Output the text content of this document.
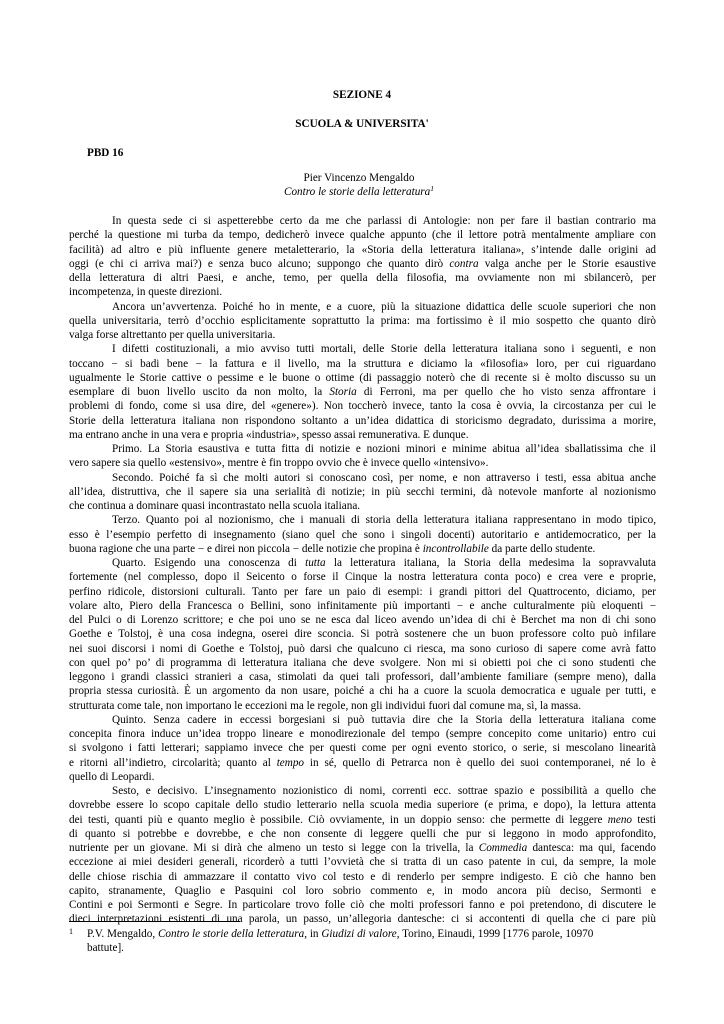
SEZIONE 4
SCUOLA & UNIVERSITA'
PBD 16
Pier Vincenzo Mengaldo
Contro le storie della letteratura$^1$
In questa sede ci si aspetterebbe certo da me che parlassi di Antologie: non per fare il bastian contrario ma
perché la questione mi turba da tempo, dedicherò invece qualche appunto (che il lettore potrà mentalmente ampliare con
facilità) ad altro e più influente genere metaletterario, la «Storia della letteratura italiana», s’intende dalle origini ad
oggi (e chi ci arriva mai?) e senza buco alcuno; suppongo che quanto dirò contra valga anche per le Storie esaustive
della letteratura di altri Paesi, e anche, temo, per quella della filosofia, ma ovviamente non mi sbilancerò, per
incompetenza, in queste direzioni.
Ancora un’avvertenza. Poiché ho in mente, e a cuore, più la situazione didattica delle scuole superiori che non
quella universitaria, terrò d’occhio esplicitamente soprattutto la prima: ma fortissimo è il mio sospetto che quanto dirò
valga forse altrettanto per quella universitaria.
I difetti costituzionali, a mio avviso tutti mortali, delle Storie della letteratura italiana sono i seguenti, e non
toccano − si badi bene − la fattura e il livello, ma la struttura e diciamo la «filosofia» loro, per cui riguardano
ugualmente le Storie cattive o pessime e le buone o ottime (di passaggio noterò che di recente si è molto discusso su un
esemplare di buon livello uscito da non molto, la Storia di Ferroni, ma per quello che ho visto senza affrontare i
problemi di fondo, come si usa dire, del «genere»). Non toccherò invece, tanto la cosa è ovvia, la circostanza per cui le
Storie della letteratura italiana non rispondono soltanto a un’idea didattica di storicismo degradato, durissima a morire,
ma entrano anche in una vera e propria «industria», spesso assai remunerativa. E dunque.
Primo. La Storia esaustiva e tutta fitta di notizie e nozioni minori e minime abitua all’idea sballatissima che il
vero sapere sia quello «estensivo», mentre è fin troppo ovvio che è invece quello «intensivo».
Secondo. Poiché fa sì che molti autori si conoscano così, per nome, e non attraverso i testi, essa abitua anche
all’idea, distruttiva, che il sapere sia una serialità di notizie; in più secchi termini, dà notevole manforte al nozionismo
che continua a dominare quasi incontrastato nella scuola italiana.
Terzo. Quanto poi al nozionismo, che i manuali di storia della letteratura italiana rappresentano in modo tipico,
esso è l’esempio perfetto di insegnamento (siano quel che sono i singoli docenti) autoritario e antidemocratico, per la
buona ragione che una parte − e direi non piccola − delle notizie che propina è incontrollabile da parte dello studente.
Quarto. Esigendo una conoscenza di tutta la letteratura italiana, la Storia della medesima la sopravvaluta
fortemente (nel complesso, dopo il Seicento o forse il Cinque la nostra letteratura conta poco) e crea vere e proprie,
perfino ridicole, distorsioni culturali. Tanto per fare un paio di esempi: i grandi pittori del Quattrocento, diciamo, per
volare alto, Piero della Francesca o Bellini, sono infinitamente più importanti − e anche culturalmente più eloquenti −
del Pulci o di Lorenzo scrittore; e che poi uno se ne esca dal liceo avendo un’idea di chi è Berchet ma non di chi sono
Goethe e Tolstoj, è una cosa indegna, oserei dire sconcia. Si potrà sostenere che un buon professore colto può infilare
nei suoi discorsi i nomi di Goethe e Tolstoj, può darsi che qualcuno ci riesca, ma sono curioso di sapere come avrà fatto
con quel po’ po’ di programma di letteratura italiana che deve svolgere. Non mi si obietti poi che ci sono studenti che
leggono i grandi classici stranieri a casa, stimolati da quei tali professori, dall’ambiente familiare (sempre meno), dalla
propria stessa curiosità. È un argomento da non usare, poiché a chi ha a cuore la scuola democratica e uguale per tutti, e
strutturata come tale, non importano le eccezioni ma le regole, non gli individui fuori dal comune ma, sì, la massa.
Quinto. Senza cadere in eccessi borgesiani si può tuttavia dire che la Storia della letteratura italiana come
concepita finora induce un’idea troppo lineare e monodirezionale del tempo (sempre concepito come unitario) entro cui
si svolgono i fatti letterari; sappiamo invece che per questi come per ogni evento storico, o serie, si mescolano linearità
e ritorni all’indietro, circolarità; quanto al tempo in sé, quello di Petrarca non è quello dei suoi contemporanei, né lo è
quello di Leopardi.
Sesto, e decisivo. L’insegnamento nozionistico di nomi, correnti ecc. sottrae spazio e possibilità a quello che
dovrebbe essere lo scopo capitale dello studio letterario nella scuola media superiore (e prima, e dopo), la lettura attenta
dei testi, quanti più e quanto meglio è possibile. Ciò ovviamente, in un doppio senso: che permette di leggere meno testi
di quanto si potrebbe e dovrebbe, e che non consente di leggere quelli che pur si leggono in modo approfondito,
nutriente per un giovane. Mi si dirà che almeno un testo si legge con la trivella, la Commedia dantesca: ma qui, facendo
eccezione ai miei desideri generali, ricorderò a tutti l’ovvietà che si tratta di un caso patente in cui, da sempre, la mole
delle chiose rischia di ammazzare il contatto vivo col testo e di renderlo per sempre indigesto. E ciò che hanno ben
capito, stranamente, Quaglio e Pasquini col loro sobrio commento e, in modo ancora più deciso, Sermonti e
Contini e poi Sermonti e Segre. In particolare trovo folle ciò che molti professori fanno e poi pretendono, di discutere le
dieci interpretazioni esistenti di una parola, un passo, un’allegoria dantesche: ci si accontenti di quella che ci pare più
1 P.V. Mengaldo, Contro le storie della letteratura, in Giudizi di valore, Torino, Einaudi, 1999 [1776 parole, 10970
battute].
